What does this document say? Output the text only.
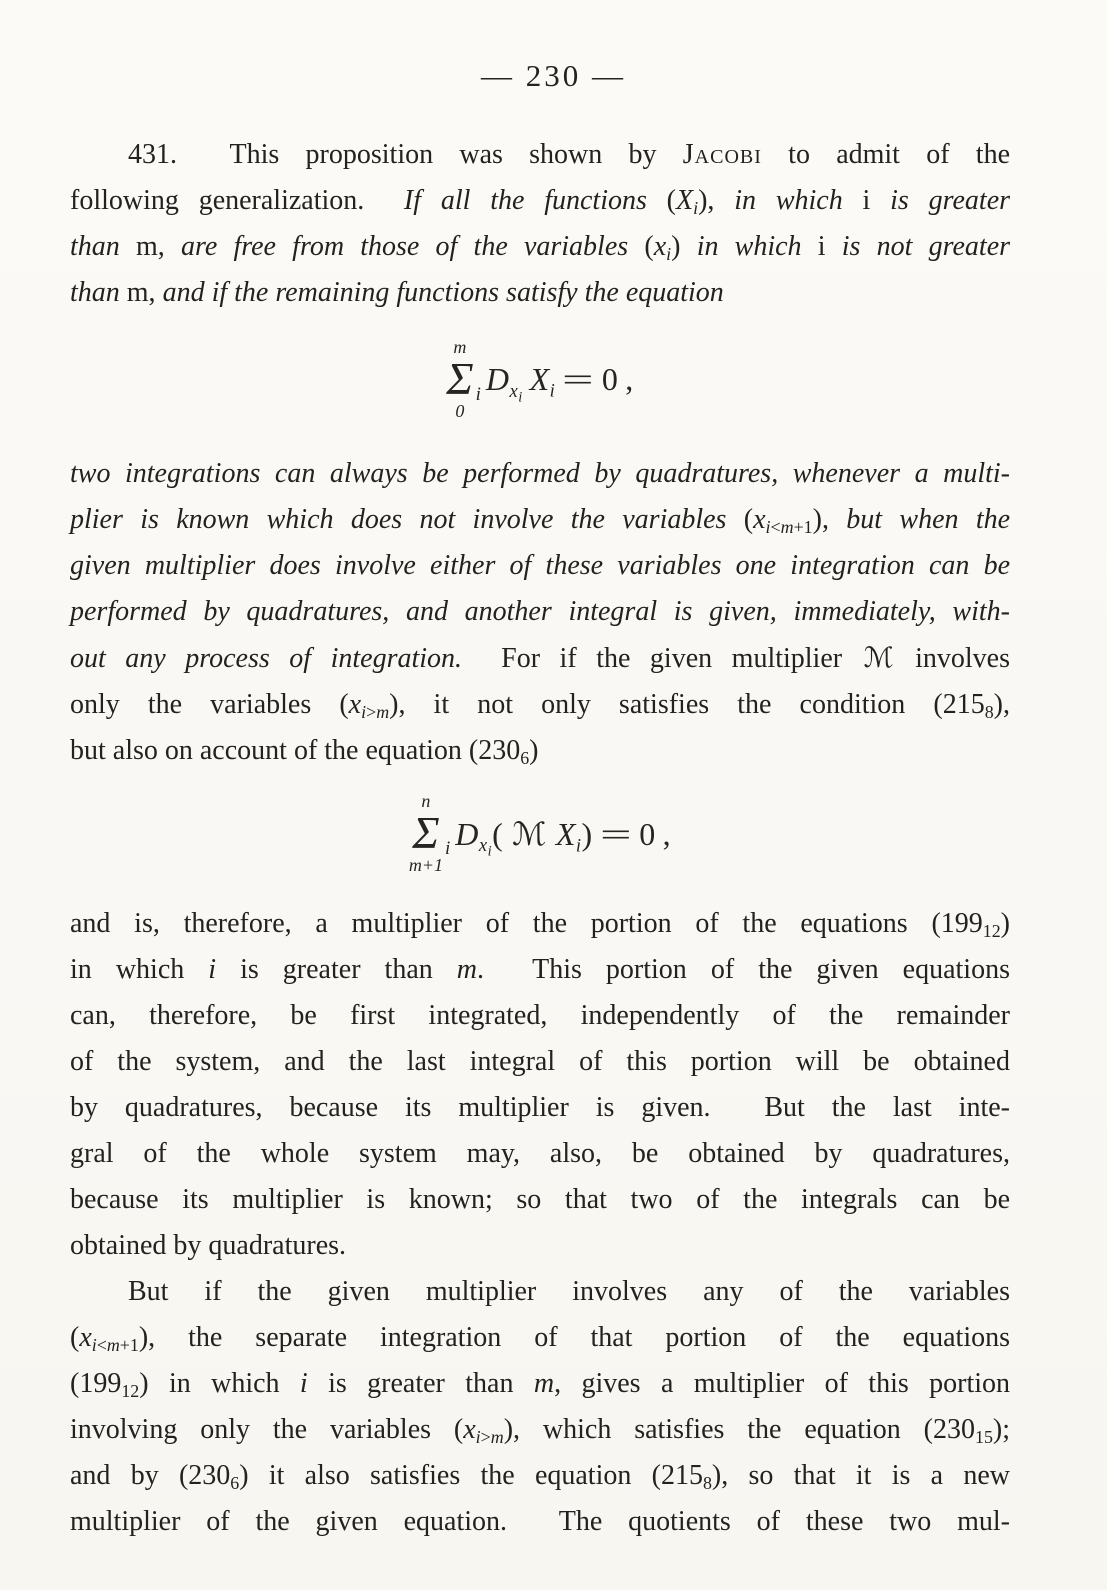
— 230 —
431.  This proposition was shown by Jacobi to admit of the
following generalization.  If all the functions $(X_i)$, in which i is greater
than m, are free from those of the variables $(x_i)$ in which i is not greater
than m, and if the remaining functions satisfy the equation
m
Σ
0
i $D_{x_i}$  $X_i = 0$ ,
two integrations can always be performed by quadratures, whenever a multi-
plier is known which does not involve the variables $(x_{i<m+1})$, but when the
given multiplier does involve either of these variables one integration can be
performed by quadratures, and another integral is given, immediately, with-
out any process of integration.  For if the given multiplier ℳ involves
only the variables $(x_{i>m})$, it not only satisfies the condition $(215_8)$,
but also on account of the equation $(230_6)$
n
Σ
m+1
i $D_{x_i}$( ℳ  $X_i) = 0$ ,
and is, therefore, a multiplier of the portion of the equations $(199_{12})$
in which i is greater than m.  This portion of the given equations
can, therefore, be first integrated, independently of the remainder
of the system, and the last integral of this portion will be obtained
by quadratures, because its multiplier is given.  But the last inte-
gral of the whole system may, also, be obtained by quadratures,
because its multiplier is known; so that two of the integrals can be
obtained by quadratures.
But if the given multiplier involves any of the variables
$(x_{i<m+1})$, the separate integration of that portion of the equations
$(199_{12})$ in which i is greater than m, gives a multiplier of this portion
involving only the variables $(x_{i>m})$, which satisfies the equation $(230_{15})$;
and by $(230_6)$ it also satisfies the equation $(215_8)$, so that it is a new
multiplier of the given equation.  The quotients of these two mul-
